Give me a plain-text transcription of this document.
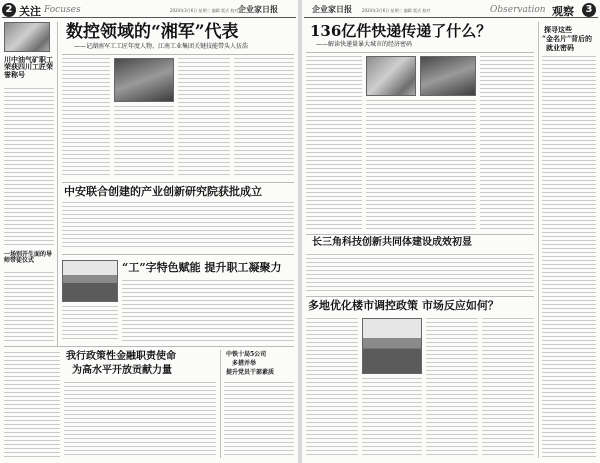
2 关注 Focuses	2024年3月6日 星期三 编辑 版式 校对 企业家日报
川中油气矿职工荣获四川工匠荣誉称号
一场别开生面的导师带徒仪式
数控领域的“湘军”代表
——记湖南军工工匠年度人物、江南工业集团关键技能带头人伍浩
中安联合创建的产业创新研究院获批成立
“工”字特色赋能 提升职工凝聚力
我行政策性金融职责使命
为高水平开放贡献力量
中铁十局5公司
多措并举
提升党员干部素质
企业家日报	2024年3月6日 星期三 编辑 版式 校对	Observation 观察	3
136亿件快递传递了什么？
——解读快递量暴大城市的经济密码
探寻这些
“金名片”背后的
就业密码
长三角科技创新共同体建设成效初显
多地优化楼市调控政策 市场反应如何？
